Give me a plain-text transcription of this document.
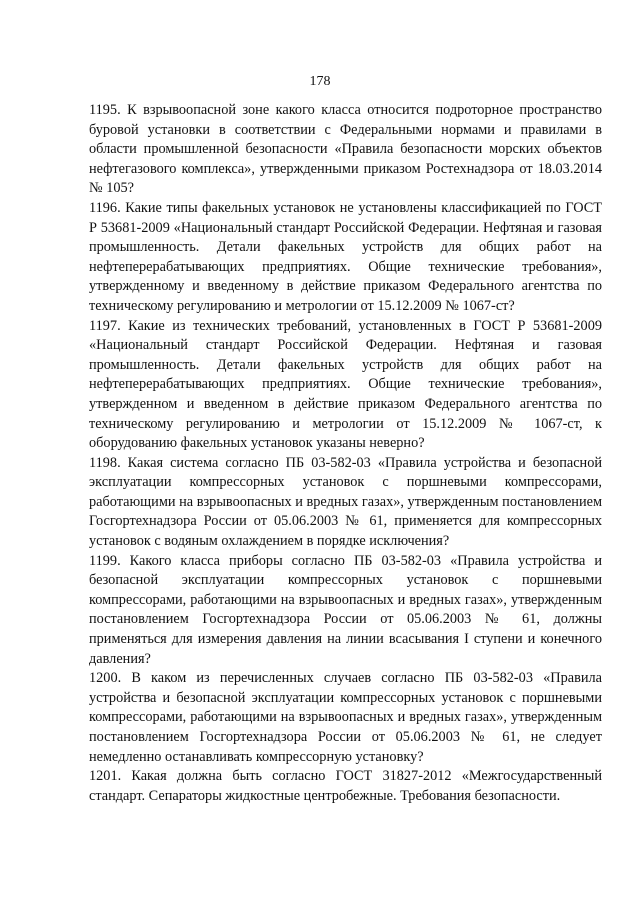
178

1195. К взрывоопасной зоне какого класса относится подроторное пространство буровой установки в соответствии с Федеральными нормами и правилами в области промышленной безопасности «Правила безопасности морских объектов нефтегазового комплекса», утвержденными приказом Ростехнадзора от 18.03.2014 № 105?

1196. Какие типы факельных установок не установлены классификацией по ГОСТ Р 53681-2009 «Национальный стандарт Российской Федерации. Нефтяная и газовая промышленность. Детали факельных устройств для общих работ на нефтеперерабатывающих предприятиях. Общие технические требования», утвержденному и введенному в действие приказом Федерального агентства по техническому регулированию и метрологии от 15.12.2009 № 1067-ст?

1197. Какие из технических требований, установленных в ГОСТ Р 53681-2009 «Национальный стандарт Российской Федерации. Нефтяная и газовая промышленность. Детали факельных устройств для общих работ на нефтеперерабатывающих предприятиях. Общие технические требования», утвержденном и введенном в действие приказом Федерального агентства по техническому регулированию и метрологии от 15.12.2009 № 1067-ст, к оборудованию факельных установок указаны неверно?

1198. Какая система согласно ПБ 03-582-03 «Правила устройства и безопасной эксплуатации компрессорных установок с поршневыми компрессорами, работающими на взрывоопасных и вредных газах», утвержденным постановлением Госгортехнадзора России от 05.06.2003 № 61, применяется для компрессорных установок с водяным охлаждением в порядке исключения?

1199. Какого класса приборы согласно ПБ 03-582-03 «Правила устройства и безопасной эксплуатации компрессорных установок с поршневыми компрессорами, работающими на взрывоопасных и вредных газах», утвержденным постановлением Госгортехнадзора России от 05.06.2003 № 61, должны применяться для измерения давления на линии всасывания I ступени и конечного давления?

1200. В каком из перечисленных случаев согласно ПБ 03-582-03 «Правила устройства и безопасной эксплуатации компрессорных установок с поршневыми компрессорами, работающими на взрывоопасных и вредных газах», утвержденным постановлением Госгортехнадзора России от 05.06.2003 № 61, не следует немедленно останавливать компрессорную установку?

1201. Какая должна быть согласно ГОСТ 31827-2012 «Межгосударственный стандарт. Сепараторы жидкостные центробежные. Требования безопасности.
